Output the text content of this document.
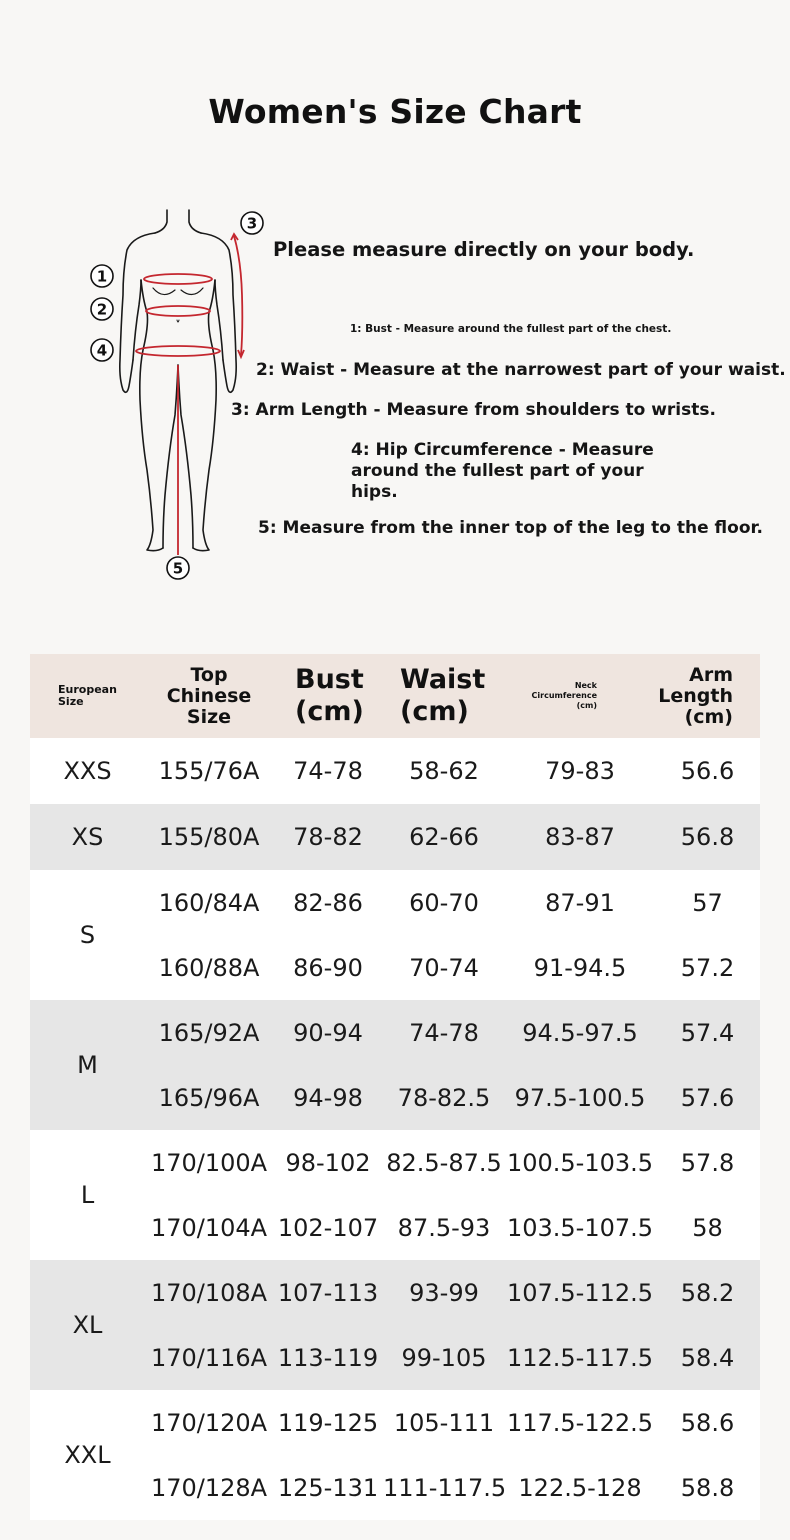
Women's Size Chart
1
2
3
4
5
Please measure directly on your body.
1: Bust - Measure around the fullest part of the chest.
2: Waist - Measure at the narrowest part of your waist.
3: Arm Length - Measure from shoulders to wrists.
4: Hip Circumference - Measure around the fullest part of your hips.
5: Measure from the inner top of the leg to the floor.
European
Size	Top
Chinese
Size	Bust
(cm)	Waist
(cm)	Neck
Circumference
(cm)	Arm
Length
(cm)
XXS	155/76A	74-78	58-62	79-83	56.6
XS	155/80A	78-82	62-66	83-87	56.8
S	160/84A	82-86	60-70	87-91	57
	160/88A	86-90	70-74	91-94.5	57.2
M	165/92A	90-94	74-78	94.5-97.5	57.4
	165/96A	94-98	78-82.5	97.5-100.5	57.6
L	170/100A	98-102	82.5-87.5	100.5-103.5	57.8
	170/104A	102-107	87.5-93	103.5-107.5	58
XL	170/108A	107-113	93-99	107.5-112.5	58.2
	170/116A	113-119	99-105	112.5-117.5	58.4
XXL	170/120A	119-125	105-111	117.5-122.5	58.6
	170/128A	125-131	111-117.5	122.5-128	58.8
